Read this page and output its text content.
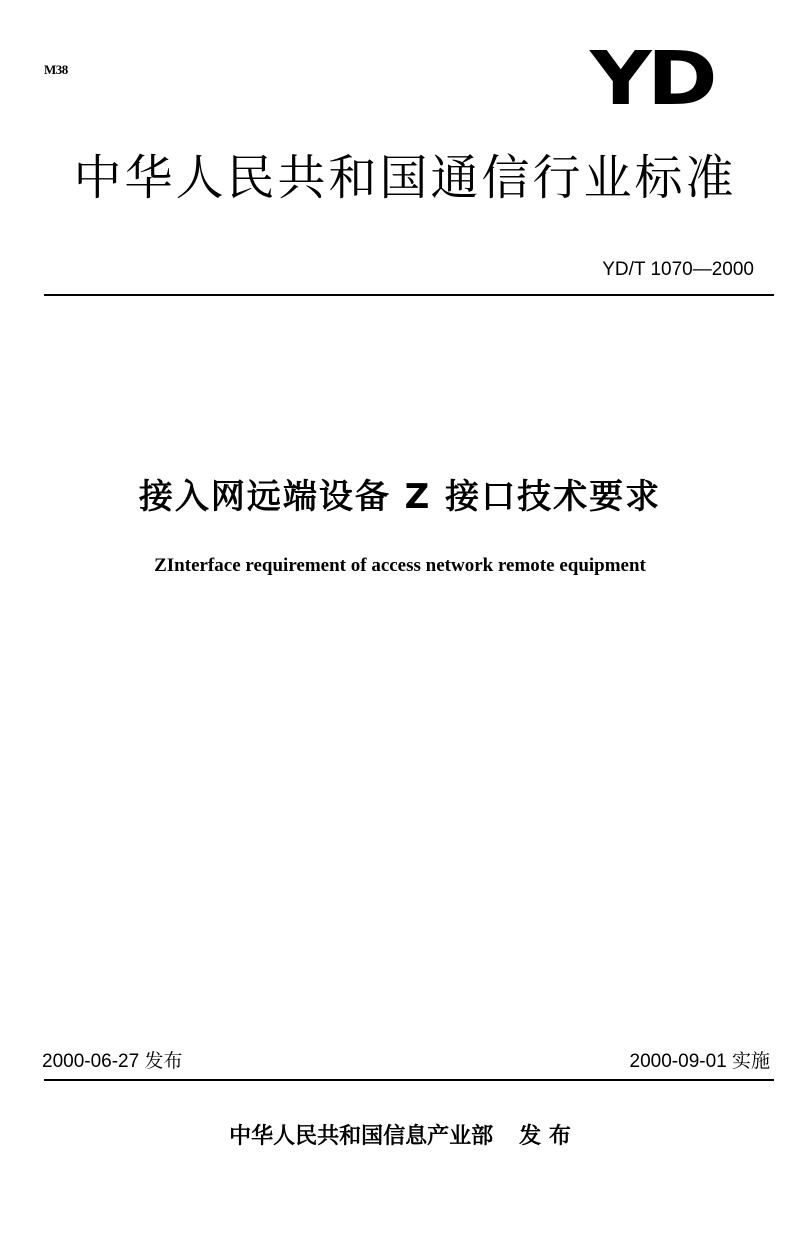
M38	YD
中华人民共和国通信行业标准
YD/T 1070—2000
接入网远端设备 Z 接口技术要求
ZInterface requirement of access network remote equipment
2000-06-27 发布	2000-09-01 实施
中华人民共和国信息产业部 发 布
